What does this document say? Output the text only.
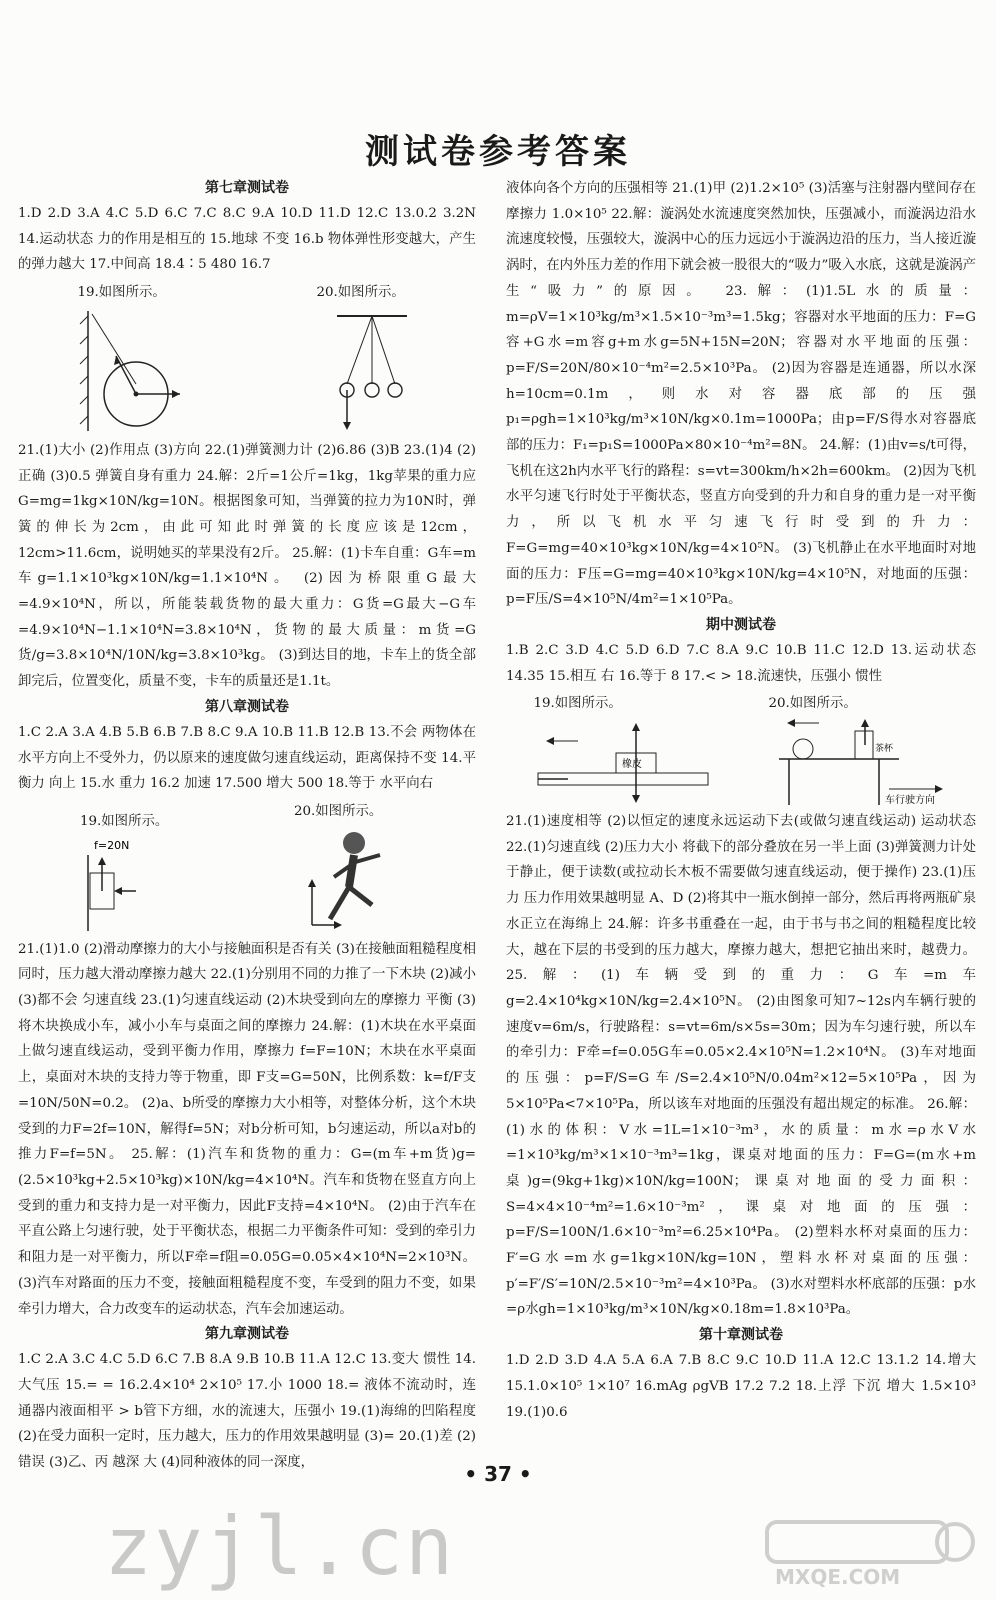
测试卷参考答案
第七章测试卷

1.D 2.D 3.A 4.C 5.D 6.C 7.C 8.C 9.A 10.D 11.D 12.C 13.0.2 3.2N 14.运动状态 力的作用是相互的 15.地球 不变 16.b 物体弹性形变越大，产生的弹力越大 17.中间高 18.4∶5 480 16.7

19.如图所示。	20.如图所示。

21.(1)大小 (2)作用点 (3)方向 22.(1)弹簧测力计 (2)6.86 (3)B 23.(1)4 (2)正确 (3)0.5 弹簧自身有重力 24.解：2斤=1公斤=1kg，1kg苹果的重力应G=mg=1kg×10N/kg=10N。根据图象可知，当弹簧的拉力为10N时，弹簧的伸长为2cm，由此可知此时弹簧的长度应该是12cm，12cm>11.6cm，说明她买的苹果没有2斤。 25.解：(1)卡车自重：G车=m车g=1.1×10³kg×10N/kg=1.1×10⁴N。 (2)因为桥限重G最大=4.9×10⁴N，所以，所能装载货物的最大重力：G货=G最大−G车=4.9×10⁴N−1.1×10⁴N=3.8×10⁴N，货物的最大质量：m货=G货/g=3.8×10⁴N/10N/kg=3.8×10³kg。 (3)到达目的地，卡车上的货全部卸完后，位置变化，质量不变，卡车的质量还是1.1t。

第八章测试卷

1.C 2.A 3.A 4.B 5.B 6.B 7.B 8.C 9.A 10.B 11.B 12.B 13.不会 两物体在水平方向上不受外力，仍以原来的速度做匀速直线运动，距离保持不变 14.平衡力 向上 15.水 重力 16.2 加速 17.500 增大 500 18.等于 水平向右

19.如图所示。

f=20N

20.如图所示。

21.(1)1.0 (2)滑动摩擦力的大小与接触面积是否有关 (3)在接触面粗糙程度相同时，压力越大滑动摩擦力越大 22.(1)分别用不同的力推了一下木块 (2)减小 (3)都不会 匀速直线 23.(1)匀速直线运动 (2)木块受到向左的摩擦力 平衡 (3)将木块换成小车，减小小车与桌面之间的摩擦力 24.解：(1)木块在水平桌面上做匀速直线运动，受到平衡力作用，摩擦力 f=F=10N；木块在水平桌面上，桌面对木块的支持力等于物重，即 F支=G=50N，比例系数：k=f/F支=10N/50N=0.2。 (2)a、b所受的摩擦力大小相等，对整体分析，这个木块受到的力F=2f=10N，解得f=5N；对b分析可知，b匀速运动，所以a对b的推力F=f=5N。 25.解：(1)汽车和货物的重力：G=(m车+m货)g=(2.5×10³kg+2.5×10³kg)×10N/kg=4×10⁴N。汽车和货物在竖直方向上受到的重力和支持力是一对平衡力，因此F支持=4×10⁴N。 (2)由于汽车在平直公路上匀速行驶，处于平衡状态，根据二力平衡条件可知：受到的牵引力和阻力是一对平衡力，所以F牵=f阻=0.05G=0.05×4×10⁴N=2×10³N。 (3)汽车对路面的压力不变，接触面粗糙程度不变，车受到的阻力不变，如果牵引力增大，合力改变车的运动状态，汽车会加速运动。

第九章测试卷

1.C 2.A 3.C 4.C 5.D 6.C 7.B 8.A 9.B 10.B 11.A 12.C 13.变大 惯性 14.大气压 15.= = 16.2.4×10⁴ 2×10⁵ 17.小 1000 18.= 液体不流动时，连通器内液面相平 > b管下方细，水的流速大，压强小 19.(1)海绵的凹陷程度 (2)在受力面积一定时，压力越大，压力的作用效果越明显 (3)= 20.(1)差 (2)错误 (3)乙、丙 越深 大 (4)同种液体的同一深度，

液体向各个方向的压强相等 21.(1)甲 (2)1.2×10⁵ (3)活塞与注射器内壁间存在摩擦力 1.0×10⁵ 22.解：漩涡处水流速度突然加快，压强减小，而漩涡边沿水流速度较慢，压强较大，漩涡中心的压力远远小于漩涡边沿的压力，当人接近漩涡时，在内外压力差的作用下就会被一股很大的“吸力”吸入水底，这就是漩涡产生“吸力”的原因。 23.解：(1)1.5L水的质量：m=ρV=1×10³kg/m³×1.5×10⁻³m³=1.5kg；容器对水平地面的压力：F=G容+G水=m容g+m水g=5N+15N=20N；容器对水平地面的压强：p=F/S=20N/80×10⁻⁴m²=2.5×10³Pa。 (2)因为容器是连通器，所以水深h=10cm=0.1m，则水对容器底部的压强 p₁=ρgh=1×10³kg/m³×10N/kg×0.1m=1000Pa；由p=F/S得水对容器底部的压力：F₁=p₁S=1000Pa×80×10⁻⁴m²=8N。 24.解：(1)由v=s/t可得，飞机在这2h内水平飞行的路程：s=vt=300km/h×2h=600km。 (2)因为飞机水平匀速飞行时处于平衡状态，竖直方向受到的升力和自身的重力是一对平衡力，所以飞机水平匀速飞行时受到的升力：F=G=mg=40×10³kg×10N/kg=4×10⁵N。 (3)飞机静止在水平地面时对地面的压力：F压=G=mg=40×10³kg×10N/kg=4×10⁵N，对地面的压强：p=F压/S=4×10⁵N/4m²=1×10⁵Pa。

期中测试卷

1.B 2.C 3.D 4.C 5.D 6.D 7.C 8.A 9.C 10.B 11.C 12.D 13.运动状态 14.35 15.相互 右 16.等于 8 17.< > 18.流速快，压强小 惯性

19.如图所示。

橡皮

20.如图所示。

茶杯
车行驶方向

21.(1)速度相等 (2)以恒定的速度永远运动下去(或做匀速直线运动) 运动状态 22.(1)匀速直线 (2)压力大小 将截下的部分叠放在另一半上面 (3)弹簧测力计处于静止，便于读数(或拉动长木板不需要做匀速直线运动，便于操作) 23.(1)压力 压力作用效果越明显 A、D (2)将其中一瓶水倒掉一部分，然后再将两瓶矿泉水正立在海绵上 24.解：许多书重叠在一起，由于书与书之间的粗糙程度比较大，越在下层的书受到的压力越大，摩擦力越大，想把它抽出来时，越费力。 25.解：(1)车辆受到的重力：G车=m车g=2.4×10⁴kg×10N/kg=2.4×10⁵N。 (2)由图象可知7~12s内车辆行驶的速度v=6m/s，行驶路程：s=vt=6m/s×5s=30m；因为车匀速行驶，所以车的牵引力：F牵=f=0.05G车=0.05×2.4×10⁵N=1.2×10⁴N。 (3)车对地面的压强：p=F/S=G车/S=2.4×10⁵N/0.04m²×12=5×10⁵Pa，因为5×10⁵Pa<7×10⁵Pa，所以该车对地面的压强没有超出规定的标准。 26.解：(1)水的体积：V水=1L=1×10⁻³m³，水的质量：m水=ρ水V水=1×10³kg/m³×1×10⁻³m³=1kg，课桌对地面的压力：F=G=(m水+m桌)g=(9kg+1kg)×10N/kg=100N；课桌对地面的受力面积：S=4×4×10⁻⁴m²=1.6×10⁻³m²，课桌对地面的压强：p=F/S=100N/1.6×10⁻³m²=6.25×10⁴Pa。 (2)塑料水杯对桌面的压力：F′=G水=m水g=1kg×10N/kg=10N，塑料水杯对桌面的压强：p′=F′/S′=10N/2.5×10⁻³m²=4×10³Pa。 (3)水对塑料水杯底部的压强：p水=ρ水gh=1×10³kg/m³×10N/kg×0.18m=1.8×10³Pa。

第十章测试卷

1.D 2.D 3.D 4.A 5.A 6.A 7.B 8.C 9.C 10.D 11.A 12.C 13.1.2 14.增大 15.1.0×10⁵ 1×10⁷ 16.mAg ρgVB 17.2 7.2 18.上浮 下沉 增大 1.5×10³ 19.(1)0.6

• 37 •
zyjl.cn	MXQE.COM
